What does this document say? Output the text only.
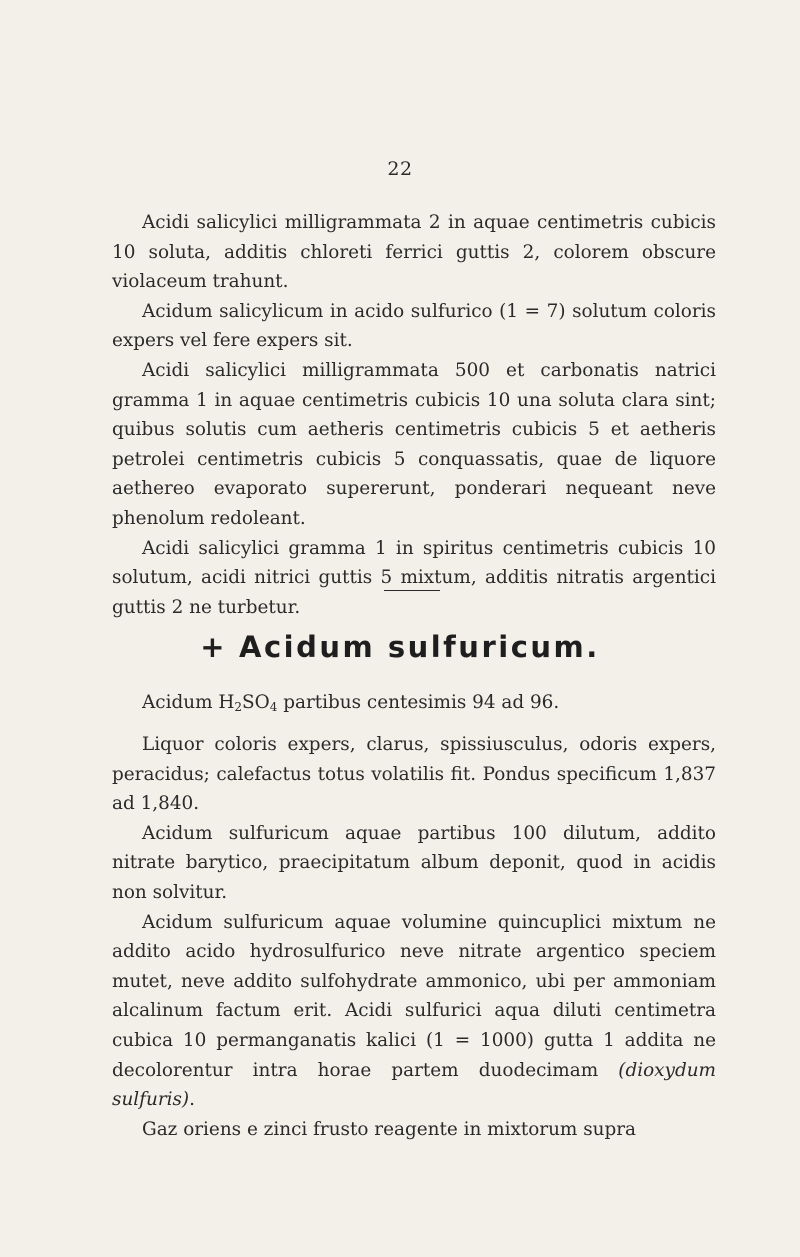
22

Acidi salicylici milligrammata 2 in aquae centimetris cubicis 10 soluta, additis chloreti ferrici guttis 2, colorem obscure violaceum trahunt.

Acidum salicylicum in acido sulfurico (1 = 7) solutum coloris expers vel fere expers sit.

Acidi salicylici milligrammata 500 et carbonatis natrici gramma 1 in aquae centimetris cubicis 10 una soluta clara sint; quibus solutis cum aetheris centimetris cubicis 5 et aetheris petrolei centimetris cubicis 5 conquassatis, quae de liquore aethereo evaporato supererunt, ponderari nequeant neve phenolum redoleant.

Acidi salicylici gramma 1 in spiritus centimetris cubicis 10 solutum, acidi nitrici guttis 5 mixtum, additis nitratis argentici guttis 2 ne turbetur.

+ Acidum sulfuricum.
Acidum $H_2SO_4$ partibus centesimis 94 ad 96.

Liquor coloris expers, clarus, spissiusculus, odoris expers, peracidus; calefactus totus volatilis fit. Pondus specificum 1,837 ad 1,840.

Acidum sulfuricum aquae partibus 100 dilutum, addito nitrate barytico, praecipitatum album deponit, quod in acidis non solvitur.

Acidum sulfuricum aquae volumine quincuplici mixtum ne addito acido hydrosulfurico neve nitrate argentico speciem mutet, neve addito sulfohydrate ammonico, ubi per ammoniam alcalinum factum erit. Acidi sulfurici aqua diluti centimetra cubica 10 permanganatis kalici (1 = 1000) gutta 1 addita ne decolorentur intra horae partem duodecimam (dioxydum sulfuris).

Gaz oriens e zinci frusto reagente in mixtorum supra
